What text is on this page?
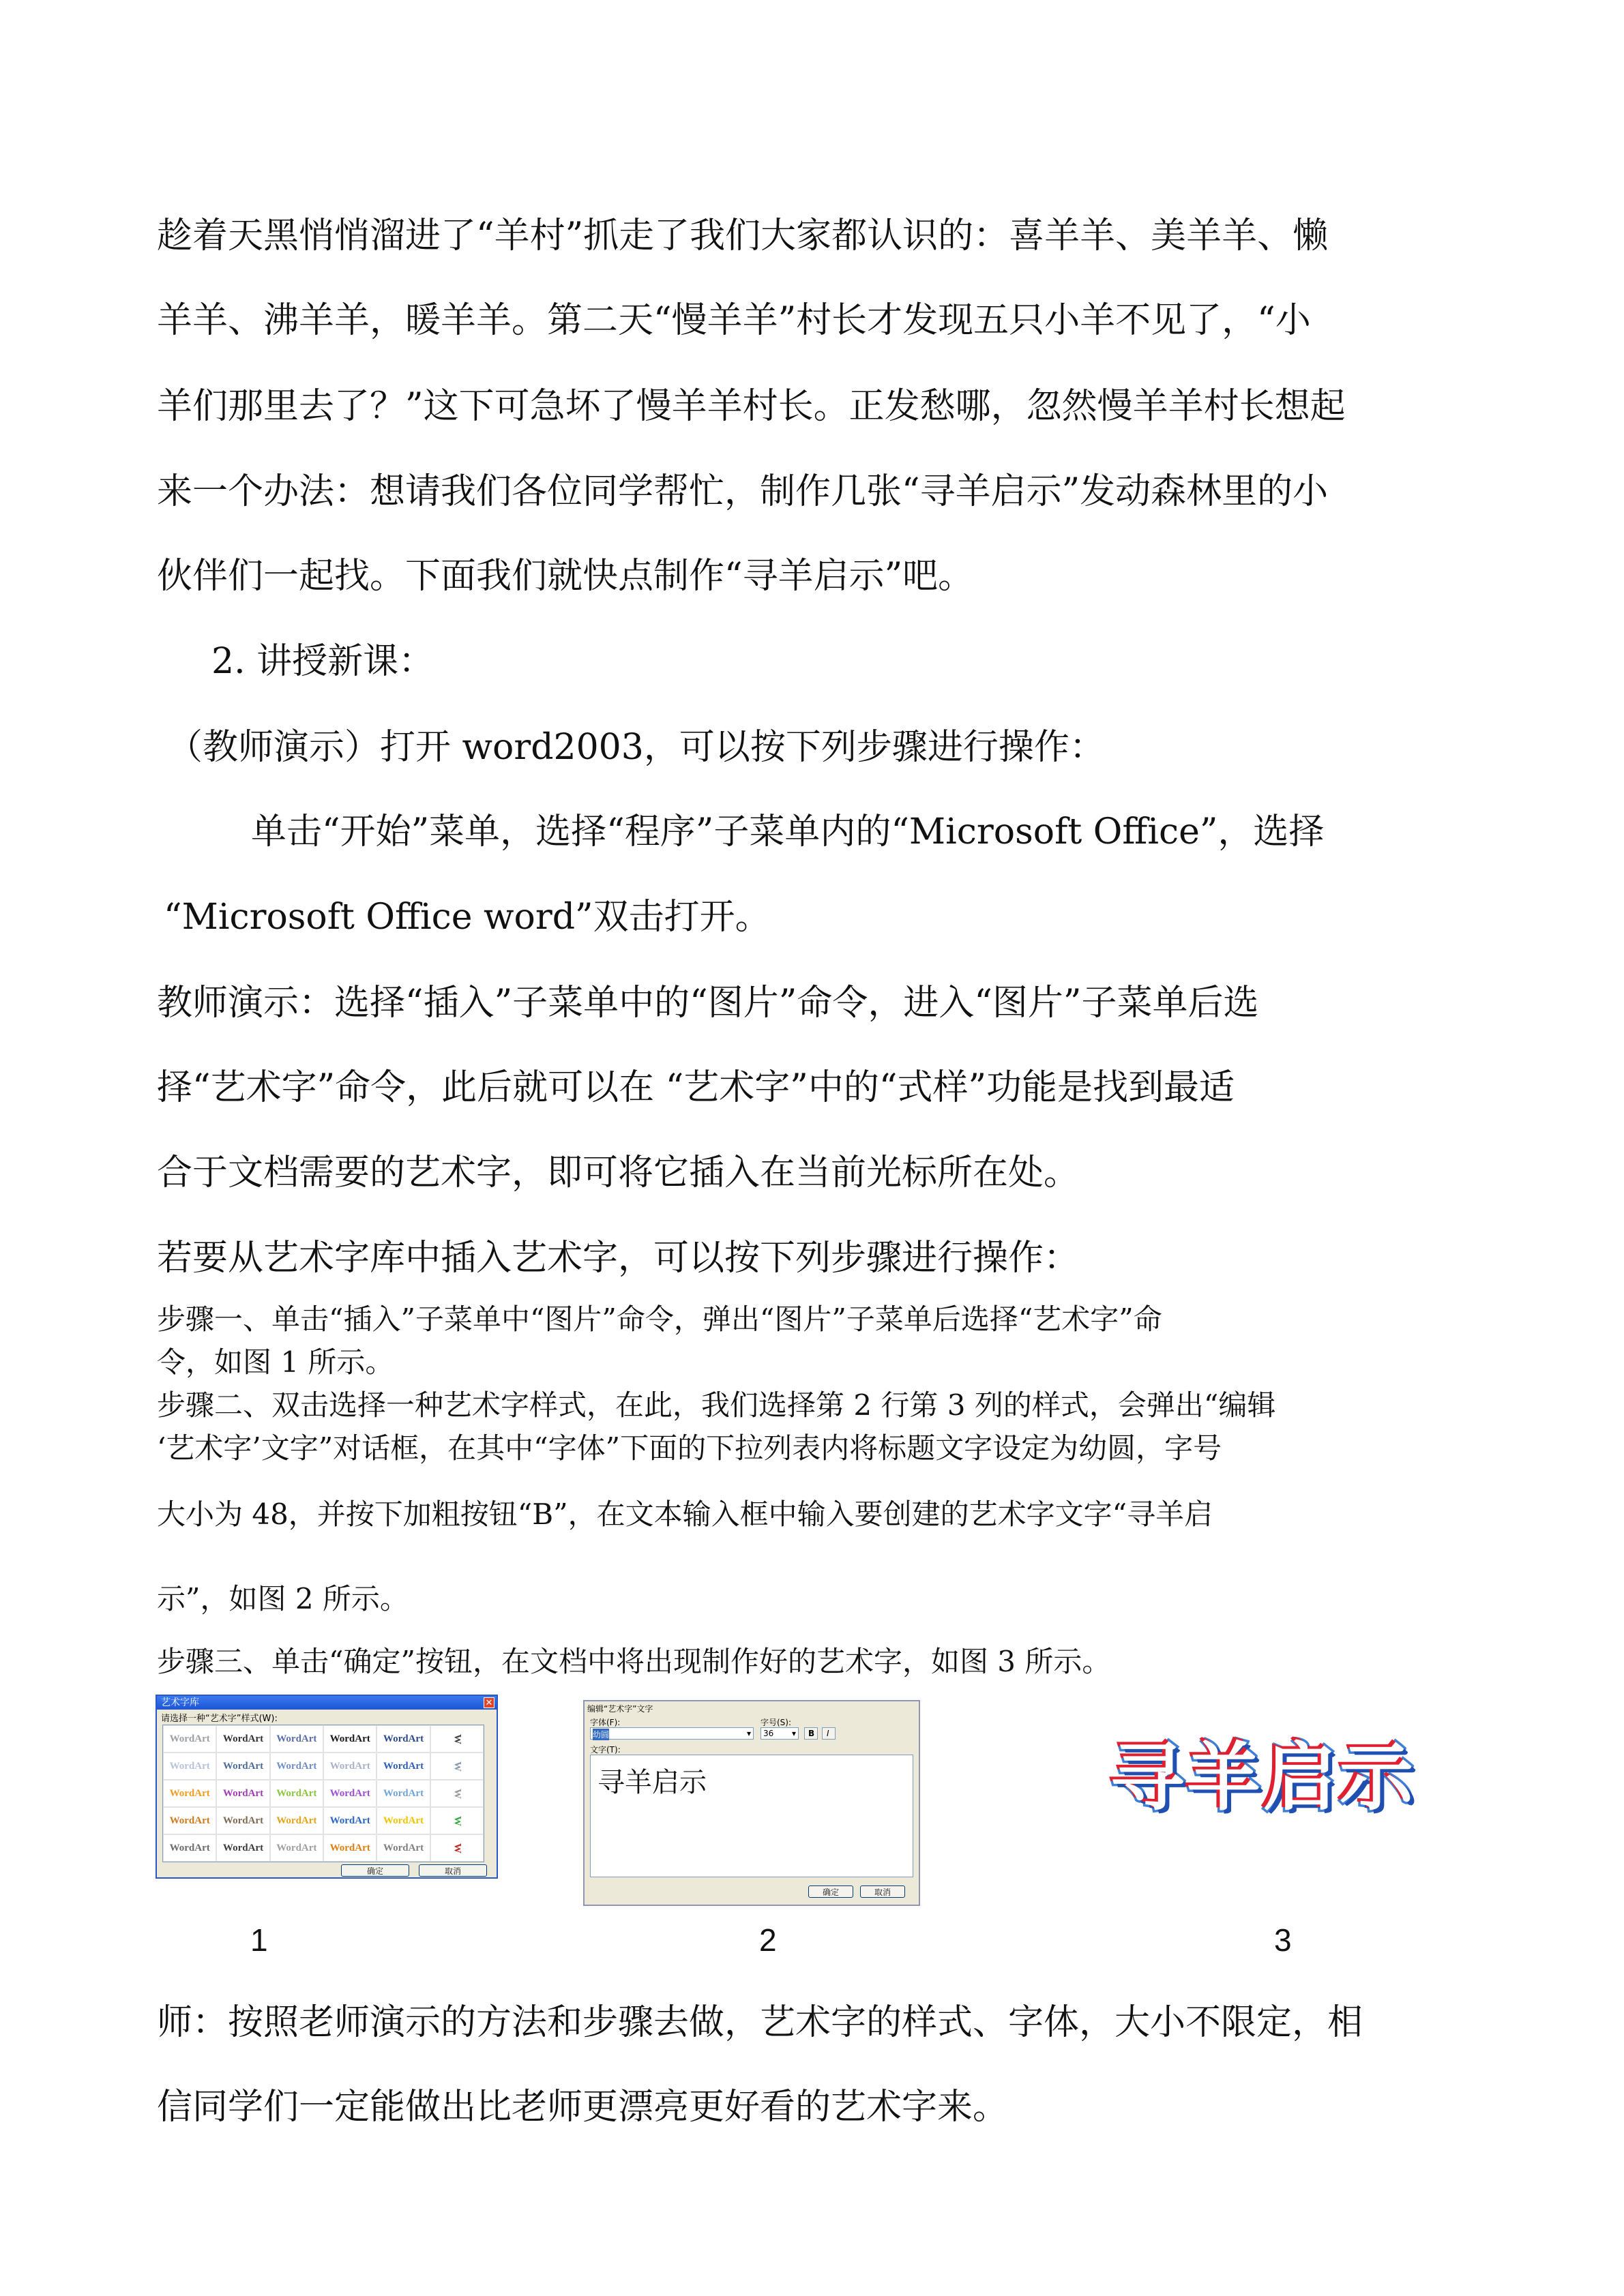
趁着天黑悄悄溜进了“羊村”抓走了我们大家都认识的：喜羊羊、美羊羊、懒
羊羊、沸羊羊，暖羊羊。第二天“慢羊羊”村长才发现五只小羊不见了，“小
羊们那里去了？”这下可急坏了慢羊羊村长。正发愁哪，忽然慢羊羊村长想起
来一个办法：想请我们各位同学帮忙，制作几张“寻羊启示”发动森林里的小
伙伴们一起找。下面我们就快点制作“寻羊启示”吧。
2. 讲授新课：
（教师演示）打开 word2003，可以按下列步骤进行操作：
单击“开始”菜单，选择“程序”子菜单内的“Microsoft Office”，选择
“Microsoft Office word”双击打开。
教师演示：选择“插入”子菜单中的“图片”命令，进入“图片”子菜单后选
择“艺术字”命令，此后就可以在 “艺术字”中的“式样”功能是找到最适
合于文档需要的艺术字，即可将它插入在当前光标所在处。
若要从艺术字库中插入艺术字，可以按下列步骤进行操作：
步骤一、单击“插入”子菜单中“图片”命令，弹出“图片”子菜单后选择“艺术字”命
令，如图 1 所示。
步骤二、双击选择一种艺术字样式，在此，我们选择第 2 行第 3 列的样式，会弹出“编辑
‘艺术字’文字”对话框，在其中“字体”下面的下拉列表内将标题文字设定为幼圆，字号
大小为 48，并按下加粗按钮“B”，在文本输入框中输入要创建的艺术字文字“寻羊启
示”，如图 2 所示。
步骤三、单击“确定”按钮，在文档中将出现制作好的艺术字，如图 3 所示。
艺术字库	✕
请选择一种“艺术字”样式(W):
WordArt WordArt WordArt WordArt WordArt	W
WordArt WordArt WordArt WordArt WordArt	W
WordArt WordArt WordArt WordArt WordArt	W
WordArt WordArt WordArt WordArt WordArt	W
WordArt WordArt WordArt WordArt WordArt	W
确定	取消
编辑“艺术字”文字
字体(F):	字号(S):
幼圆	▾ 36 ▾ B I
文字(T):
寻羊启示
确定	取消
寻羊启示
1	2	3
师：按照老师演示的方法和步骤去做，艺术字的样式、字体，大小不限定，相
信同学们一定能做出比老师更漂亮更好看的艺术字来。
